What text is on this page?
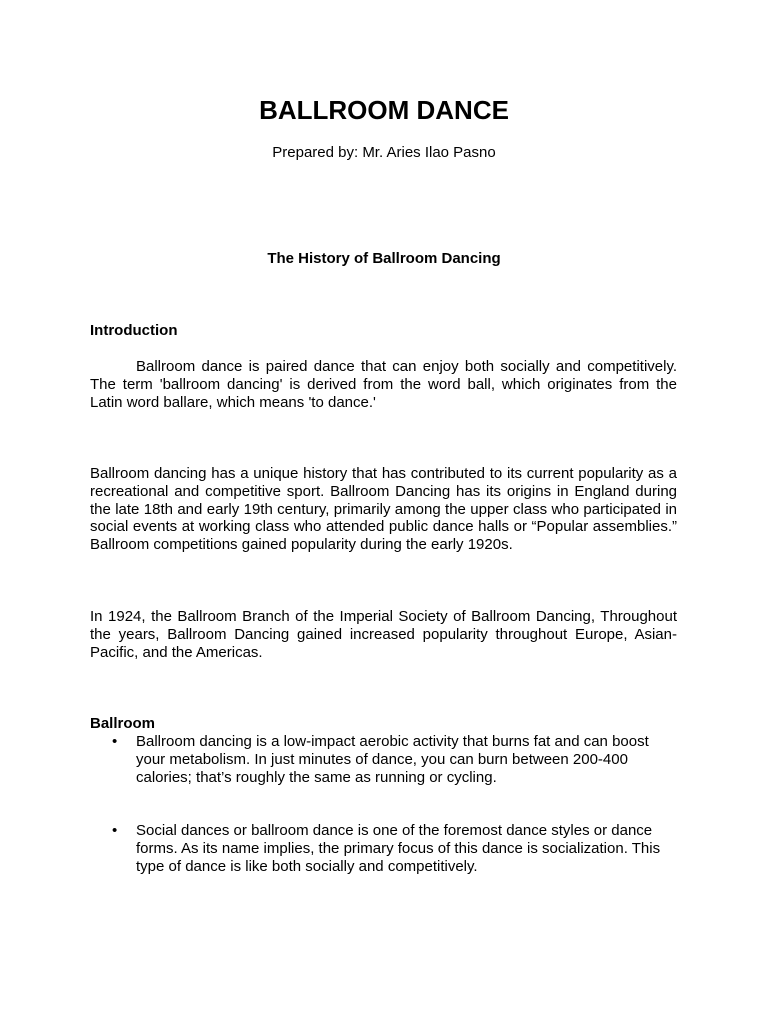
BALLROOM DANCE

Prepared by: Mr. Aries Ilao Pasno

The History of Ballroom Dancing

Introduction

Ballroom dance is paired dance that can enjoy both socially and competitively. The term 'ballroom dancing' is derived from the word ball, which originates from the Latin word ballare, which means 'to dance.'

Ballroom dancing has a unique history that has contributed to its current popularity as a recreational and competitive sport. Ballroom Dancing has its origins in England during the late 18th and early 19th century, primarily among the upper class who participated in social events at working class who attended public dance halls or “Popular assemblies.” Ballroom competitions gained popularity during the early 1920s.

In 1924, the Ballroom Branch of the Imperial Society of Ballroom Dancing, Throughout the years, Ballroom Dancing gained increased popularity throughout Europe, Asian-Pacific, and the Americas.

Ballroom

• Ballroom dancing is a low-impact aerobic activity that burns fat and can boost your metabolism. In just minutes of dance, you can burn between 200-400 calories; that’s roughly the same as running or cycling.
• Social dances or ballroom dance is one of the foremost dance styles or dance forms. As its name implies, the primary focus of this dance is socialization. This type of dance is like both socially and competitively.
